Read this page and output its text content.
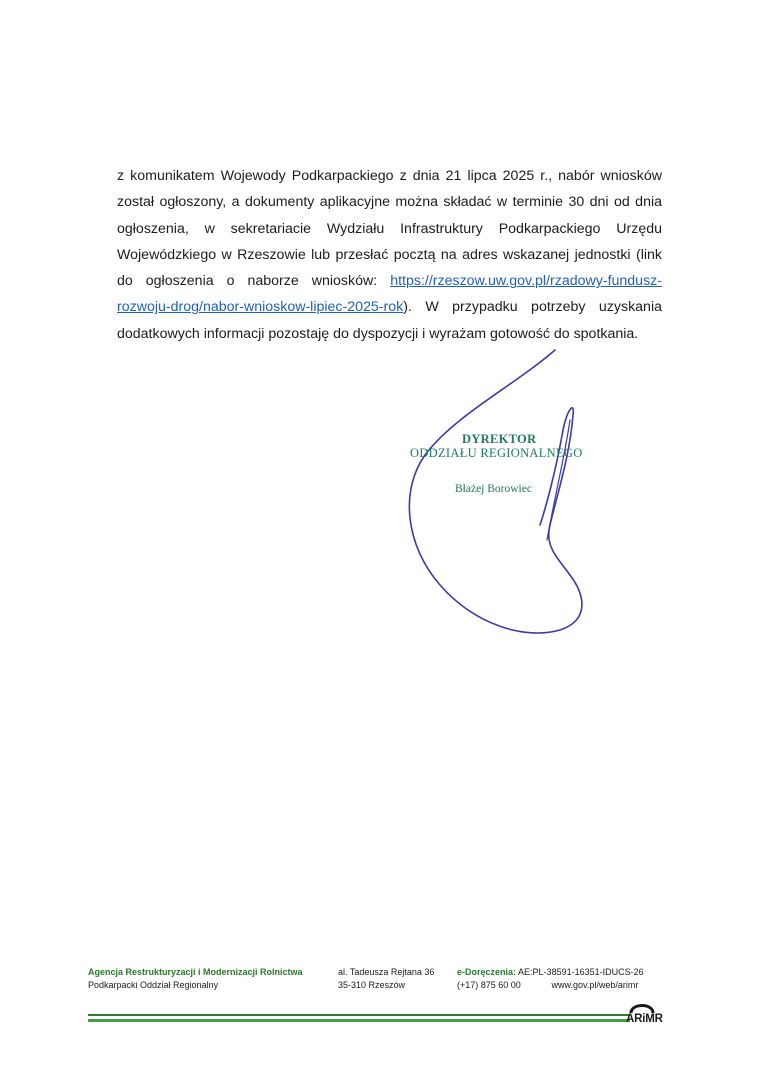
z komunikatem Wojewody Podkarpackiego z dnia 21 lipca 2025 r., nabór wniosków został ogłoszony, a dokumenty aplikacyjne można składać w terminie 30 dni od dnia ogłoszenia, w sekretariacie Wydziału Infrastruktury Podkarpackiego Urzędu Wojewódzkiego w Rzeszowie lub przesłać pocztą na adres wskazanej jednostki (link do ogłoszenia o naborze wniosków: https://rzeszow.uw.gov.pl/rzadowy-fundusz-rozwoju-drog/nabor-wnioskow-lipiec-2025-rok). W przypadku potrzeby uzyskania dodatkowych informacji pozostaję do dyspozycji i wyrażam gotowość do spotkania.

DYREKTOR
ODDZIAŁU REGIONALNEGO
Błażej Borowiec
Agencja Restrukturyzacji i Modernizacji Rolnictwa
Podkarpacki Oddział Regionalny
al. Tadeusza Rejtana 36
35-310 Rzeszów
e-Doręczenia: AE:PL-38591-16351-IDUCS-26
(+17) 875 60 00	www.gov.pl/web/arimr
ARiMR
